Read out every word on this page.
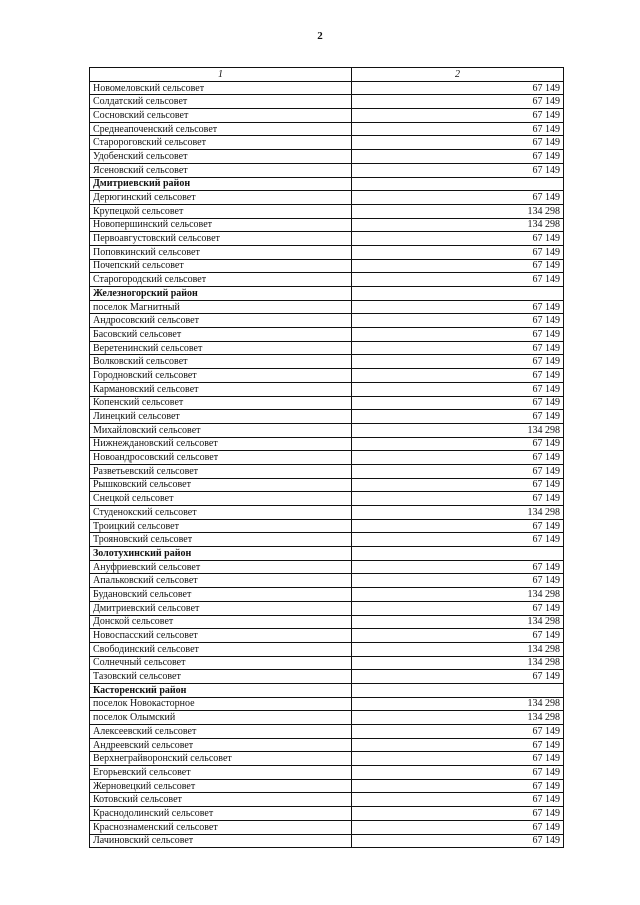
2
1	2
Новомеловский сельсовет	67 149
Солдатский сельсовет	67 149
Сосновский сельсовет	67 149
Среднеапоченский сельсовет	67 149
Старороговский сельсовет	67 149
Удобенский сельсовет	67 149
Ясеновский сельсовет	67 149
Дмитриевский район	
Дерюгинский сельсовет	67 149
Крупецкой сельсовет	134 298
Новопершинский сельсовет	134 298
Первоавгустовский сельсовет	67 149
Поповкинский сельсовет	67 149
Почепский сельсовет	67 149
Старогородский сельсовет	67 149
Железногорский район	
поселок Магнитный	67 149
Андросовский сельсовет	67 149
Басовский сельсовет	67 149
Веретенинский сельсовет	67 149
Волковский сельсовет	67 149
Городновский сельсовет	67 149
Кармановский сельсовет	67 149
Копенский сельсовет	67 149
Линецкий сельсовет	67 149
Михайловский сельсовет	134 298
Нижнеждановский сельсовет	67 149
Новоандросовский сельсовет	67 149
Разветьевский сельсовет	67 149
Рышковский сельсовет	67 149
Снецкой сельсовет	67 149
Студенокский сельсовет	134 298
Троицкий сельсовет	67 149
Трояновский сельсовет	67 149
Золотухинский район	
Ануфриевский сельсовет	67 149
Апальковский сельсовет	67 149
Будановский сельсовет	134 298
Дмитриевский сельсовет	67 149
Донской сельсовет	134 298
Новоспасский сельсовет	67 149
Свободинский сельсовет	134 298
Солнечный сельсовет	134 298
Тазовский сельсовет	67 149
Касторенский район	
поселок Новокасторное	134 298
поселок Олымский	134 298
Алексеевский сельсовет	67 149
Андреевский сельсовет	67 149
Верхнеграйворонский сельсовет	67 149
Егорьевский сельсовет	67 149
Жерновецкий сельсовет	67 149
Котовский сельсовет	67 149
Краснодолинский сельсовет	67 149
Краснознаменский сельсовет	67 149
Лачиновский сельсовет	67 149
